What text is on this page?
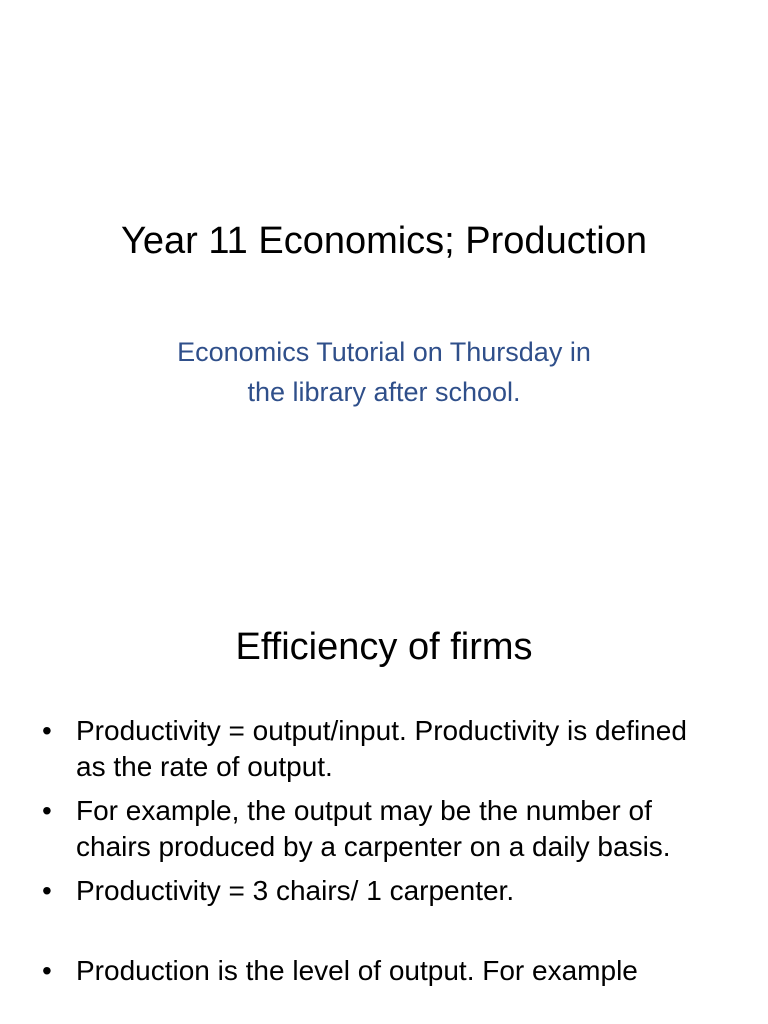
Year 11 Economics; Production
Economics Tutorial on Thursday in
the library after school.
Efficiency of firms
• Productivity = output/input. Productivity is defined as the rate of output.
• For example, the output may be the number of chairs produced by a carpenter on a daily basis.
• Productivity = 3 chairs/ 1 carpenter.
• Production is the level of output. For example
